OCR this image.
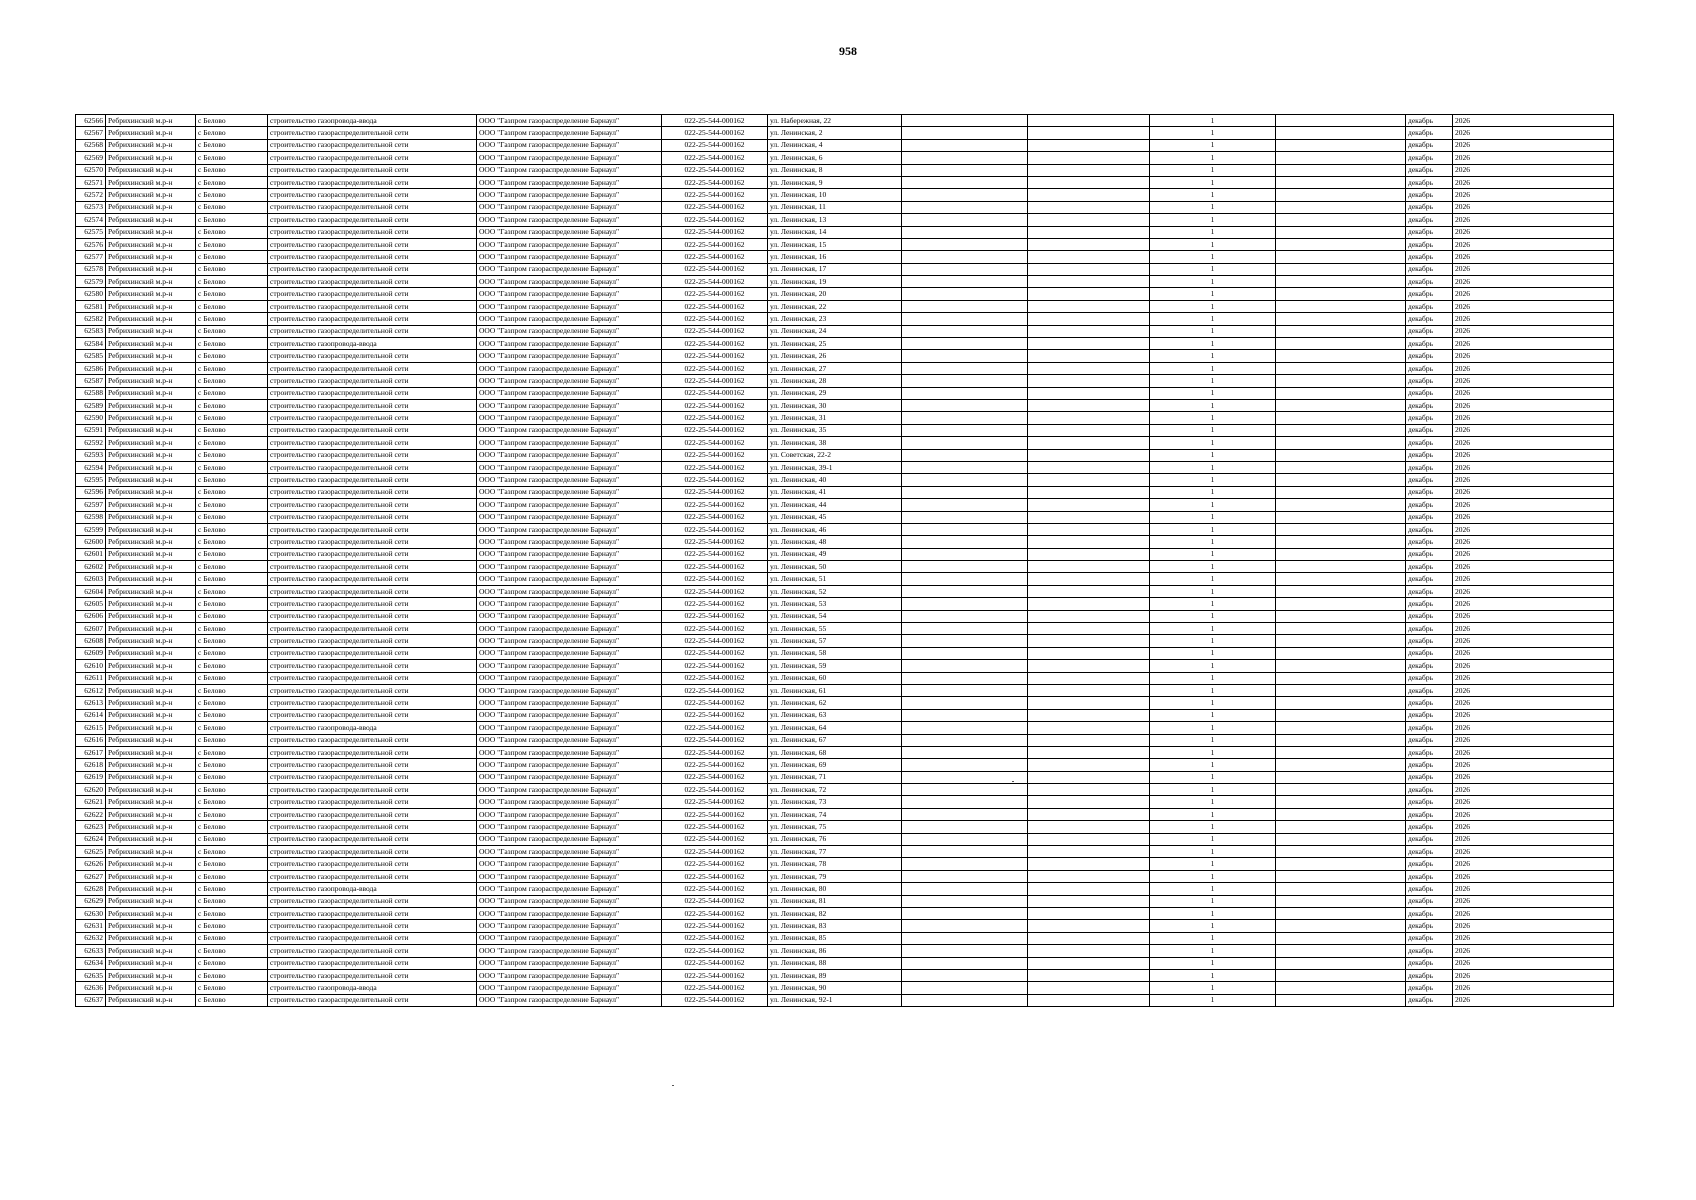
958
62566	Ребрихинский м.р-н	с Белово	строительство газопровода-ввода	ООО "Газпром газораспределение Барнаул"	022-25-544-000162	ул. Набережная, 22			1		декабрь	2026
62567	Ребрихинский м.р-н	с Белово	строительство газораспределительной сети	ООО "Газпром газораспределение Барнаул"	022-25-544-000162	ул. Ленинская, 2			1		декабрь	2026
62568	Ребрихинский м.р-н	с Белово	строительство газораспределительной сети	ООО "Газпром газораспределение Барнаул"	022-25-544-000162	ул. Ленинская, 4			1		декабрь	2026
62569	Ребрихинский м.р-н	с Белово	строительство газораспределительной сети	ООО "Газпром газораспределение Барнаул"	022-25-544-000162	ул. Ленинская, 6			1		декабрь	2026
62570	Ребрихинский м.р-н	с Белово	строительство газораспределительной сети	ООО "Газпром газораспределение Барнаул"	022-25-544-000162	ул. Ленинская, 8			1		декабрь	2026
62571	Ребрихинский м.р-н	с Белово	строительство газораспределительной сети	ООО "Газпром газораспределение Барнаул"	022-25-544-000162	ул. Ленинская, 9			1		декабрь	2026
62572	Ребрихинский м.р-н	с Белово	строительство газораспределительной сети	ООО "Газпром газораспределение Барнаул"	022-25-544-000162	ул. Ленинская, 10			1		декабрь	2026
62573	Ребрихинский м.р-н	с Белово	строительство газораспределительной сети	ООО "Газпром газораспределение Барнаул"	022-25-544-000162	ул. Ленинская, 11			1		декабрь	2026
62574	Ребрихинский м.р-н	с Белово	строительство газораспределительной сети	ООО "Газпром газораспределение Барнаул"	022-25-544-000162	ул. Ленинская, 13			1		декабрь	2026
62575	Ребрихинский м.р-н	с Белово	строительство газораспределительной сети	ООО "Газпром газораспределение Барнаул"	022-25-544-000162	ул. Ленинская, 14			1		декабрь	2026
62576	Ребрихинский м.р-н	с Белово	строительство газораспределительной сети	ООО "Газпром газораспределение Барнаул"	022-25-544-000162	ул. Ленинская, 15			1		декабрь	2026
62577	Ребрихинский м.р-н	с Белово	строительство газораспределительной сети	ООО "Газпром газораспределение Барнаул"	022-25-544-000162	ул. Ленинская, 16			1		декабрь	2026
62578	Ребрихинский м.р-н	с Белово	строительство газораспределительной сети	ООО "Газпром газораспределение Барнаул"	022-25-544-000162	ул. Ленинская, 17			1		декабрь	2026
62579	Ребрихинский м.р-н	с Белово	строительство газораспределительной сети	ООО "Газпром газораспределение Барнаул"	022-25-544-000162	ул. Ленинская, 19			1		декабрь	2026
62580	Ребрихинский м.р-н	с Белово	строительство газораспределительной сети	ООО "Газпром газораспределение Барнаул"	022-25-544-000162	ул. Ленинская, 20			1		декабрь	2026
62581	Ребрихинский м.р-н	с Белово	строительство газораспределительной сети	ООО "Газпром газораспределение Барнаул"	022-25-544-000162	ул. Ленинская, 22			1		декабрь	2026
62582	Ребрихинский м.р-н	с Белово	строительство газораспределительной сети	ООО "Газпром газораспределение Барнаул"	022-25-544-000162	ул. Ленинская, 23			1		декабрь	2026
62583	Ребрихинский м.р-н	с Белово	строительство газораспределительной сети	ООО "Газпром газораспределение Барнаул"	022-25-544-000162	ул. Ленинская, 24			1		декабрь	2026
62584	Ребрихинский м.р-н	с Белово	строительство газопровода-ввода	ООО "Газпром газораспределение Барнаул"	022-25-544-000162	ул. Ленинская, 25			1		декабрь	2026
62585	Ребрихинский м.р-н	с Белово	строительство газораспределительной сети	ООО "Газпром газораспределение Барнаул"	022-25-544-000162	ул. Ленинская, 26			1		декабрь	2026
62586	Ребрихинский м.р-н	с Белово	строительство газораспределительной сети	ООО "Газпром газораспределение Барнаул"	022-25-544-000162	ул. Ленинская, 27			1		декабрь	2026
62587	Ребрихинский м.р-н	с Белово	строительство газораспределительной сети	ООО "Газпром газораспределение Барнаул"	022-25-544-000162	ул. Ленинская, 28			1		декабрь	2026
62588	Ребрихинский м.р-н	с Белово	строительство газораспределительной сети	ООО "Газпром газораспределение Барнаул"	022-25-544-000162	ул. Ленинская, 29			1		декабрь	2026
62589	Ребрихинский м.р-н	с Белово	строительство газораспределительной сети	ООО "Газпром газораспределение Барнаул"	022-25-544-000162	ул. Ленинская, 30			1		декабрь	2026
62590	Ребрихинский м.р-н	с Белово	строительство газораспределительной сети	ООО "Газпром газораспределение Барнаул"	022-25-544-000162	ул. Ленинская, 31			1		декабрь	2026
62591	Ребрихинский м.р-н	с Белово	строительство газораспределительной сети	ООО "Газпром газораспределение Барнаул"	022-25-544-000162	ул. Ленинская, 35			1		декабрь	2026
62592	Ребрихинский м.р-н	с Белово	строительство газораспределительной сети	ООО "Газпром газораспределение Барнаул"	022-25-544-000162	ул. Ленинская, 38			1		декабрь	2026
62593	Ребрихинский м.р-н	с Белово	строительство газораспределительной сети	ООО "Газпром газораспределение Барнаул"	022-25-544-000162	ул. Советская, 22-2			1		декабрь	2026
62594	Ребрихинский м.р-н	с Белово	строительство газораспределительной сети	ООО "Газпром газораспределение Барнаул"	022-25-544-000162	ул. Ленинская, 39-1			1		декабрь	2026
62595	Ребрихинский м.р-н	с Белово	строительство газораспределительной сети	ООО "Газпром газораспределение Барнаул"	022-25-544-000162	ул. Ленинская, 40			1		декабрь	2026
62596	Ребрихинский м.р-н	с Белово	строительство газораспределительной сети	ООО "Газпром газораспределение Барнаул"	022-25-544-000162	ул. Ленинская, 41			1		декабрь	2026
62597	Ребрихинский м.р-н	с Белово	строительство газораспределительной сети	ООО "Газпром газораспределение Барнаул"	022-25-544-000162	ул. Ленинская, 44			1		декабрь	2026
62598	Ребрихинский м.р-н	с Белово	строительство газораспределительной сети	ООО "Газпром газораспределение Барнаул"	022-25-544-000162	ул. Ленинская, 45			1		декабрь	2026
62599	Ребрихинский м.р-н	с Белово	строительство газораспределительной сети	ООО "Газпром газораспределение Барнаул"	022-25-544-000162	ул. Ленинская, 46			1		декабрь	2026
62600	Ребрихинский м.р-н	с Белово	строительство газораспределительной сети	ООО "Газпром газораспределение Барнаул"	022-25-544-000162	ул. Ленинская, 48			1		декабрь	2026
62601	Ребрихинский м.р-н	с Белово	строительство газораспределительной сети	ООО "Газпром газораспределение Барнаул"	022-25-544-000162	ул. Ленинская, 49			1		декабрь	2026
62602	Ребрихинский м.р-н	с Белово	строительство газораспределительной сети	ООО "Газпром газораспределение Барнаул"	022-25-544-000162	ул. Ленинская, 50			1		декабрь	2026
62603	Ребрихинский м.р-н	с Белово	строительство газораспределительной сети	ООО "Газпром газораспределение Барнаул"	022-25-544-000162	ул. Ленинская, 51			1		декабрь	2026
62604	Ребрихинский м.р-н	с Белово	строительство газораспределительной сети	ООО "Газпром газораспределение Барнаул"	022-25-544-000162	ул. Ленинская, 52			1		декабрь	2026
62605	Ребрихинский м.р-н	с Белово	строительство газораспределительной сети	ООО "Газпром газораспределение Барнаул"	022-25-544-000162	ул. Ленинская, 53			1		декабрь	2026
62606	Ребрихинский м.р-н	с Белово	строительство газораспределительной сети	ООО "Газпром газораспределение Барнаул"	022-25-544-000162	ул. Ленинская, 54			1		декабрь	2026
62607	Ребрихинский м.р-н	с Белово	строительство газораспределительной сети	ООО "Газпром газораспределение Барнаул"	022-25-544-000162	ул. Ленинская, 55			1		декабрь	2026
62608	Ребрихинский м.р-н	с Белово	строительство газораспределительной сети	ООО "Газпром газораспределение Барнаул"	022-25-544-000162	ул. Ленинская, 57			1		декабрь	2026
62609	Ребрихинский м.р-н	с Белово	строительство газораспределительной сети	ООО "Газпром газораспределение Барнаул"	022-25-544-000162	ул. Ленинская, 58			1		декабрь	2026
62610	Ребрихинский м.р-н	с Белово	строительство газораспределительной сети	ООО "Газпром газораспределение Барнаул"	022-25-544-000162	ул. Ленинская, 59			1		декабрь	2026
62611	Ребрихинский м.р-н	с Белово	строительство газораспределительной сети	ООО "Газпром газораспределение Барнаул"	022-25-544-000162	ул. Ленинская, 60			1		декабрь	2026
62612	Ребрихинский м.р-н	с Белово	строительство газораспределительной сети	ООО "Газпром газораспределение Барнаул"	022-25-544-000162	ул. Ленинская, 61			1		декабрь	2026
62613	Ребрихинский м.р-н	с Белово	строительство газораспределительной сети	ООО "Газпром газораспределение Барнаул"	022-25-544-000162	ул. Ленинская, 62			1		декабрь	2026
62614	Ребрихинский м.р-н	с Белово	строительство газораспределительной сети	ООО "Газпром газораспределение Барнаул"	022-25-544-000162	ул. Ленинская, 63			1		декабрь	2026
62615	Ребрихинский м.р-н	с Белово	строительство газопровода-ввода	ООО "Газпром газораспределение Барнаул"	022-25-544-000162	ул. Ленинская, 64			1		декабрь	2026
62616	Ребрихинский м.р-н	с Белово	строительство газораспределительной сети	ООО "Газпром газораспределение Барнаул"	022-25-544-000162	ул. Ленинская, 67			1		декабрь	2026
62617	Ребрихинский м.р-н	с Белово	строительство газораспределительной сети	ООО "Газпром газораспределение Барнаул"	022-25-544-000162	ул. Ленинская, 68			1		декабрь	2026
62618	Ребрихинский м.р-н	с Белово	строительство газораспределительной сети	ООО "Газпром газораспределение Барнаул"	022-25-544-000162	ул. Ленинская, 69			1		декабрь	2026
62619	Ребрихинский м.р-н	с Белово	строительство газораспределительной сети	ООО "Газпром газораспределение Барнаул"	022-25-544-000162	ул. Ленинская, 71			1		декабрь	2026
62620	Ребрихинский м.р-н	с Белово	строительство газораспределительной сети	ООО "Газпром газораспределение Барнаул"	022-25-544-000162	ул. Ленинская, 72			1		декабрь	2026
62621	Ребрихинский м.р-н	с Белово	строительство газораспределительной сети	ООО "Газпром газораспределение Барнаул"	022-25-544-000162	ул. Ленинская, 73			1		декабрь	2026
62622	Ребрихинский м.р-н	с Белово	строительство газораспределительной сети	ООО "Газпром газораспределение Барнаул"	022-25-544-000162	ул. Ленинская, 74			1		декабрь	2026
62623	Ребрихинский м.р-н	с Белово	строительство газораспределительной сети	ООО "Газпром газораспределение Барнаул"	022-25-544-000162	ул. Ленинская, 75			1		декабрь	2026
62624	Ребрихинский м.р-н	с Белово	строительство газораспределительной сети	ООО "Газпром газораспределение Барнаул"	022-25-544-000162	ул. Ленинская, 76			1		декабрь	2026
62625	Ребрихинский м.р-н	с Белово	строительство газораспределительной сети	ООО "Газпром газораспределение Барнаул"	022-25-544-000162	ул. Ленинская, 77			1		декабрь	2026
62626	Ребрихинский м.р-н	с Белово	строительство газораспределительной сети	ООО "Газпром газораспределение Барнаул"	022-25-544-000162	ул. Ленинская, 78			1		декабрь	2026
62627	Ребрихинский м.р-н	с Белово	строительство газораспределительной сети	ООО "Газпром газораспределение Барнаул"	022-25-544-000162	ул. Ленинская, 79			1		декабрь	2026
62628	Ребрихинский м.р-н	с Белово	строительство газопровода-ввода	ООО "Газпром газораспределение Барнаул"	022-25-544-000162	ул. Ленинская, 80			1		декабрь	2026
62629	Ребрихинский м.р-н	с Белово	строительство газораспределительной сети	ООО "Газпром газораспределение Барнаул"	022-25-544-000162	ул. Ленинская, 81			1		декабрь	2026
62630	Ребрихинский м.р-н	с Белово	строительство газораспределительной сети	ООО "Газпром газораспределение Барнаул"	022-25-544-000162	ул. Ленинская, 82			1		декабрь	2026
62631	Ребрихинский м.р-н	с Белово	строительство газораспределительной сети	ООО "Газпром газораспределение Барнаул"	022-25-544-000162	ул. Ленинская, 83			1		декабрь	2026
62632	Ребрихинский м.р-н	с Белово	строительство газораспределительной сети	ООО "Газпром газораспределение Барнаул"	022-25-544-000162	ул. Ленинская, 85			1		декабрь	2026
62633	Ребрихинский м.р-н	с Белово	строительство газораспределительной сети	ООО "Газпром газораспределение Барнаул"	022-25-544-000162	ул. Ленинская, 86			1		декабрь	2026
62634	Ребрихинский м.р-н	с Белово	строительство газораспределительной сети	ООО "Газпром газораспределение Барнаул"	022-25-544-000162	ул. Ленинская, 88			1		декабрь	2026
62635	Ребрихинский м.р-н	с Белово	строительство газораспределительной сети	ООО "Газпром газораспределение Барнаул"	022-25-544-000162	ул. Ленинская, 89			1		декабрь	2026
62636	Ребрихинский м.р-н	с Белово	строительство газопровода-ввода	ООО "Газпром газораспределение Барнаул"	022-25-544-000162	ул. Ленинская, 90			1		декабрь	2026
62637	Ребрихинский м.р-н	с Белово	строительство газораспределительной сети	ООО "Газпром газораспределение Барнаул"	022-25-544-000162	ул. Ленинская, 92-1			1		декабрь	2026
